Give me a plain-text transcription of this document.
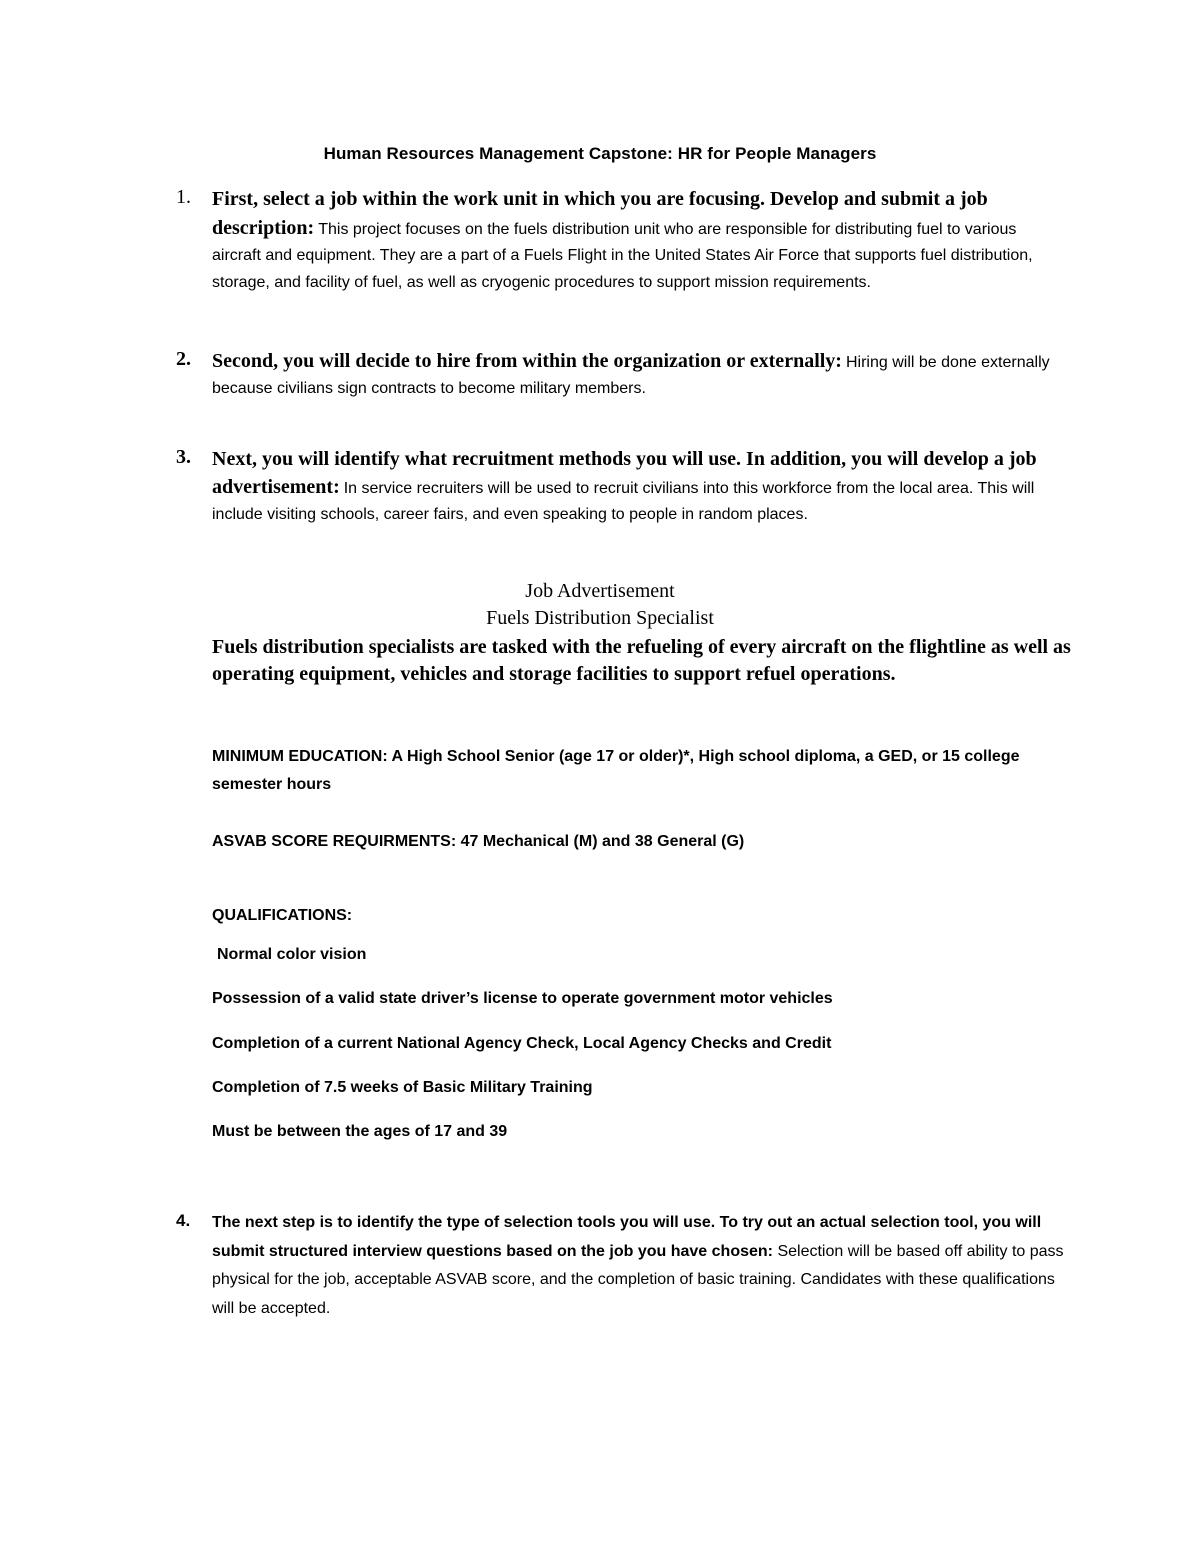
Human Resources Management Capstone: HR for People Managers
1.	First, select a job within the work unit in which you are focusing. Develop and submit a job description: This project focuses on the fuels distribution unit who are responsible for distributing fuel to various aircraft and equipment. They are a part of a Fuels Flight in the United States Air Force that supports fuel distribution, storage, and facility of fuel, as well as cryogenic procedures to support mission requirements.
2.	Second, you will decide to hire from within the organization or externally: Hiring will be done externally because civilians sign contracts to become military members.
3.	Next, you will identify what recruitment methods you will use. In addition, you will develop a job advertisement: In service recruiters will be used to recruit civilians into this workforce from the local area. This will include visiting schools, career fairs, and even speaking to people in random places.
Job Advertisement
Fuels Distribution Specialist
Fuels distribution specialists are tasked with the refueling of every aircraft on the flightline as well as operating equipment, vehicles and storage facilities to support refuel operations.
MINIMUM EDUCATION: A High School Senior (age 17 or older)*, High school diploma, a GED, or 15 college semester hours
ASVAB SCORE REQUIRMENTS: 47 Mechanical (M) and 38 General (G)
QUALIFICATIONS:
Normal color vision
Possession of a valid state driver’s license to operate government motor vehicles
Completion of a current National Agency Check, Local Agency Checks and Credit
Completion of 7.5 weeks of Basic Military Training
Must be between the ages of 17 and 39
4.	The next step is to identify the type of selection tools you will use. To try out an actual selection tool, you will submit structured interview questions based on the job you have chosen: Selection will be based off ability to pass physical for the job, acceptable ASVAB score, and the completion of basic training. Candidates with these qualifications will be accepted.
